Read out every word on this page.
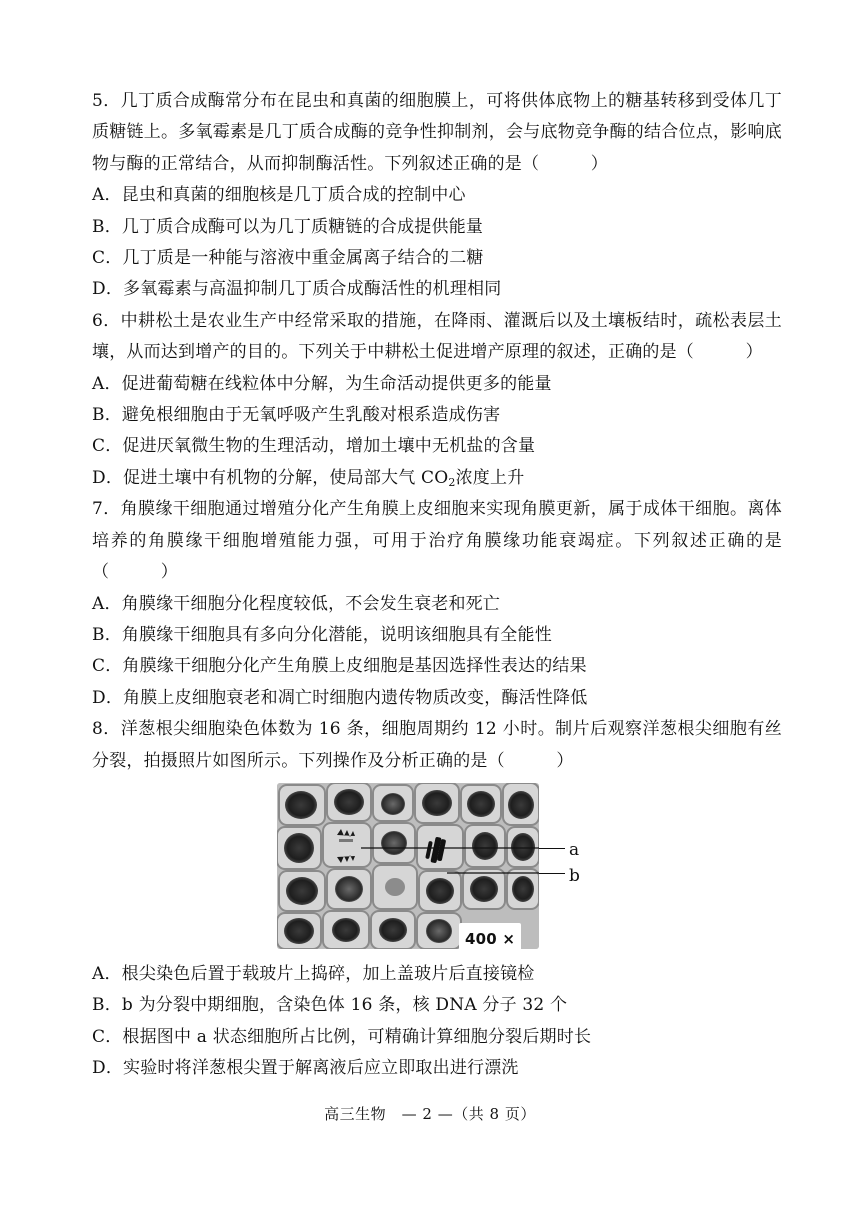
5．几丁质合成酶常分布在昆虫和真菌的细胞膜上，可将供体底物上的糖基转移到受体几丁质糖链上。多氧霉素是几丁质合成酶的竞争性抑制剂，会与底物竞争酶的结合位点，影响底物与酶的正常结合，从而抑制酶活性。下列叙述正确的是（　　　）
A．昆虫和真菌的细胞核是几丁质合成的控制中心
B．几丁质合成酶可以为几丁质糖链的合成提供能量
C．几丁质是一种能与溶液中重金属离子结合的二糖
D．多氧霉素与高温抑制几丁质合成酶活性的机理相同
6．中耕松土是农业生产中经常采取的措施，在降雨、灌溉后以及土壤板结时，疏松表层土壤，从而达到增产的目的。下列关于中耕松土促进增产原理的叙述，正确的是（　　　）
A．促进葡萄糖在线粒体中分解，为生命活动提供更多的能量
B．避免根细胞由于无氧呼吸产生乳酸对根系造成伤害
C．促进厌氧微生物的生理活动，增加土壤中无机盐的含量
D．促进土壤中有机物的分解，使局部大气 $CO_2$浓度上升
7．角膜缘干细胞通过增殖分化产生角膜上皮细胞来实现角膜更新，属于成体干细胞。离体培养的角膜缘干细胞增殖能力强，可用于治疗角膜缘功能衰竭症。下列叙述正确的是（　　　）
A．角膜缘干细胞分化程度较低，不会发生衰老和死亡
B．角膜缘干细胞具有多向分化潜能，说明该细胞具有全能性
C．角膜缘干细胞分化产生角膜上皮细胞是基因选择性表达的结果
D．角膜上皮细胞衰老和凋亡时细胞内遗传物质改变，酶活性降低
8．洋葱根尖细胞染色体数为 16 条，细胞周期约 12 小时。制片后观察洋葱根尖细胞有丝分裂，拍摄照片如图所示。下列操作及分析正确的是（　　　）
400 ×
a
b
A．根尖染色后置于载玻片上捣碎，加上盖玻片后直接镜检
B．b 为分裂中期细胞，含染色体 16 条，核 DNA 分子 32 个
C．根据图中 a 状态细胞所占比例，可精确计算细胞分裂后期时长
D．实验时将洋葱根尖置于解离液后应立即取出进行漂洗
高三生物　— 2 —（共 8 页）
